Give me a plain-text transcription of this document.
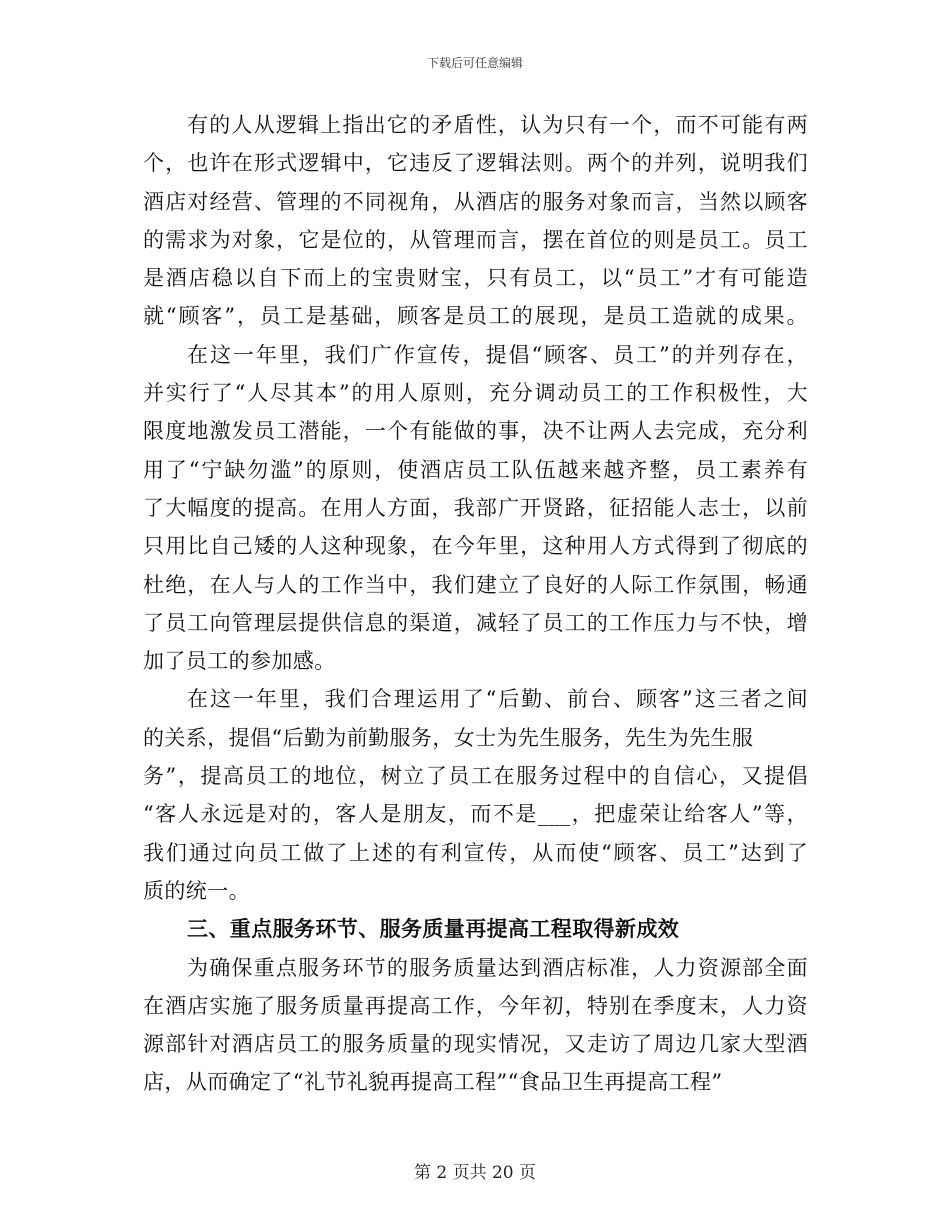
下载后可任意编辑
有的人从逻辑上指出它的矛盾性，认为只有一个，而不可能有两
个，也许在形式逻辑中，它违反了逻辑法则。两个的并列，说明我们
酒店对经营、管理的不同视角，从酒店的服务对象而言，当然以顾客
的需求为对象，它是位的，从管理而言，摆在首位的则是员工。员工
是酒店稳以自下而上的宝贵财宝，只有员工，以“员工”才有可能造
就“顾客”，员工是基础，顾客是员工的展现，是员工造就的成果。
在这一年里，我们广作宣传，提倡“顾客、员工”的并列存在，
并实行了“人尽其本”的用人原则，充分调动员工的工作积极性，大
限度地激发员工潜能，一个有能做的事，决不让两人去完成，充分利
用了“宁缺勿滥”的原则，使酒店员工队伍越来越齐整，员工素养有
了大幅度的提高。在用人方面，我部广开贤路，征招能人志士，以前
只用比自己矮的人这种现象，在今年里，这种用人方式得到了彻底的
杜绝，在人与人的工作当中，我们建立了良好的人际工作氛围，畅通
了员工向管理层提供信息的渠道，减轻了员工的工作压力与不快，增
加了员工的参加感。
在这一年里，我们合理运用了“后勤、前台、顾客”这三者之间
的关系，提倡“后勤为前勤服务，女士为先生服务，先生为先生服
务”，提高员工的地位，树立了员工在服务过程中的自信心，又提倡
“客人永远是对的，客人是朋友，而不是___，把虚荣让给客人”等，
我们通过向员工做了上述的有利宣传，从而使“顾客、员工”达到了
质的统一。
三、重点服务环节、服务质量再提高工程取得新成效
为确保重点服务环节的服务质量达到酒店标准，人力资源部全面
在酒店实施了服务质量再提高工作，今年初，特别在季度末，人力资
源部针对酒店员工的服务质量的现实情况，又走访了周边几家大型酒
店，从而确定了“礼节礼貌再提高工程”“食品卫生再提高工程”
第 2 页共 20 页
